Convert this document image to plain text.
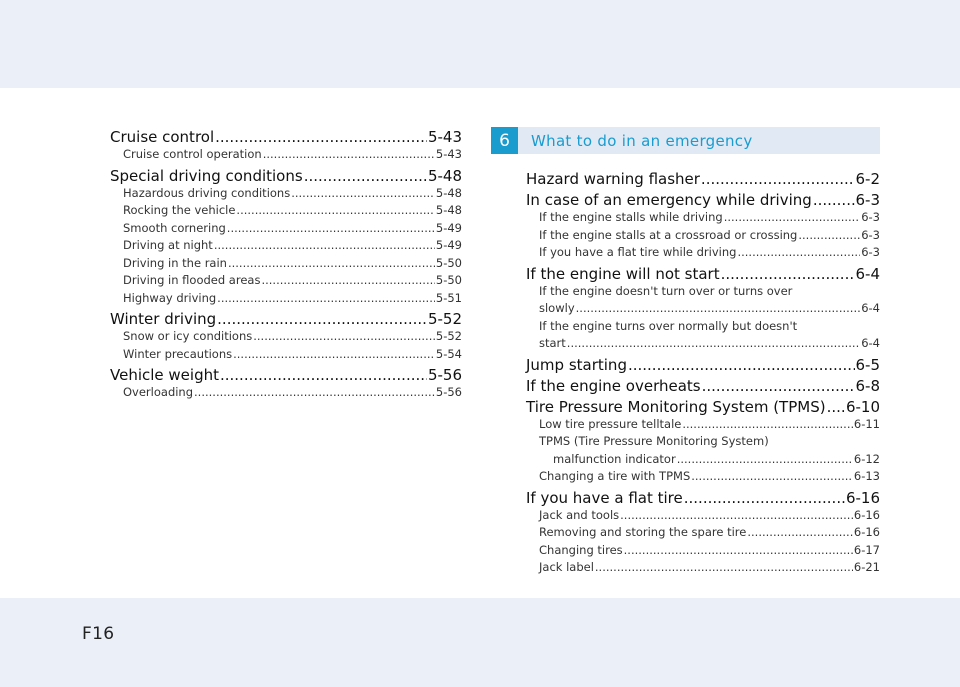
Cruise control .....	5-43
Cruise control operation .....	5-43
Special driving conditions .....	5-48
Hazardous driving conditions .....	5-48
Rocking the vehicle .....	5-48
Smooth cornering .....	5-49
Driving at night .....	5-49
Driving in the rain .....	5-50
Driving in flooded areas .....	5-50
Highway driving .....	5-51
Winter driving .....	5-52
Snow or icy conditions .....	5-52
Winter precautions .....	5-54
Vehicle weight .....	5-56
Overloading .....	5-56
6	What to do in an emergency
Hazard warning flasher .....	6-2
In case of an emergency while driving .....	6-3
If the engine stalls while driving .....	6-3
If the engine stalls at a crossroad or crossing .....	6-3
If you have a flat tire while driving .....	6-3
If the engine will not start .....	6-4
If the engine doesn't turn over or turns over
slowly .....	6-4
If the engine turns over normally but doesn't
start .....	6-4
Jump starting .....	6-5
If the engine overheats .....	6-8
Tire Pressure Monitoring System (TPMS) ..... 6-10
Low tire pressure telltale .....	6-11
TPMS (Tire Pressure Monitoring System)
malfunction indicator .....	6-12
Changing a tire with TPMS .....	6-13
If you have a flat tire .....	6-16
Jack and tools .....	6-16
Removing and storing the spare tire .....	6-16
Changing tires .....	6-17
Jack label .....	6-21
F16
